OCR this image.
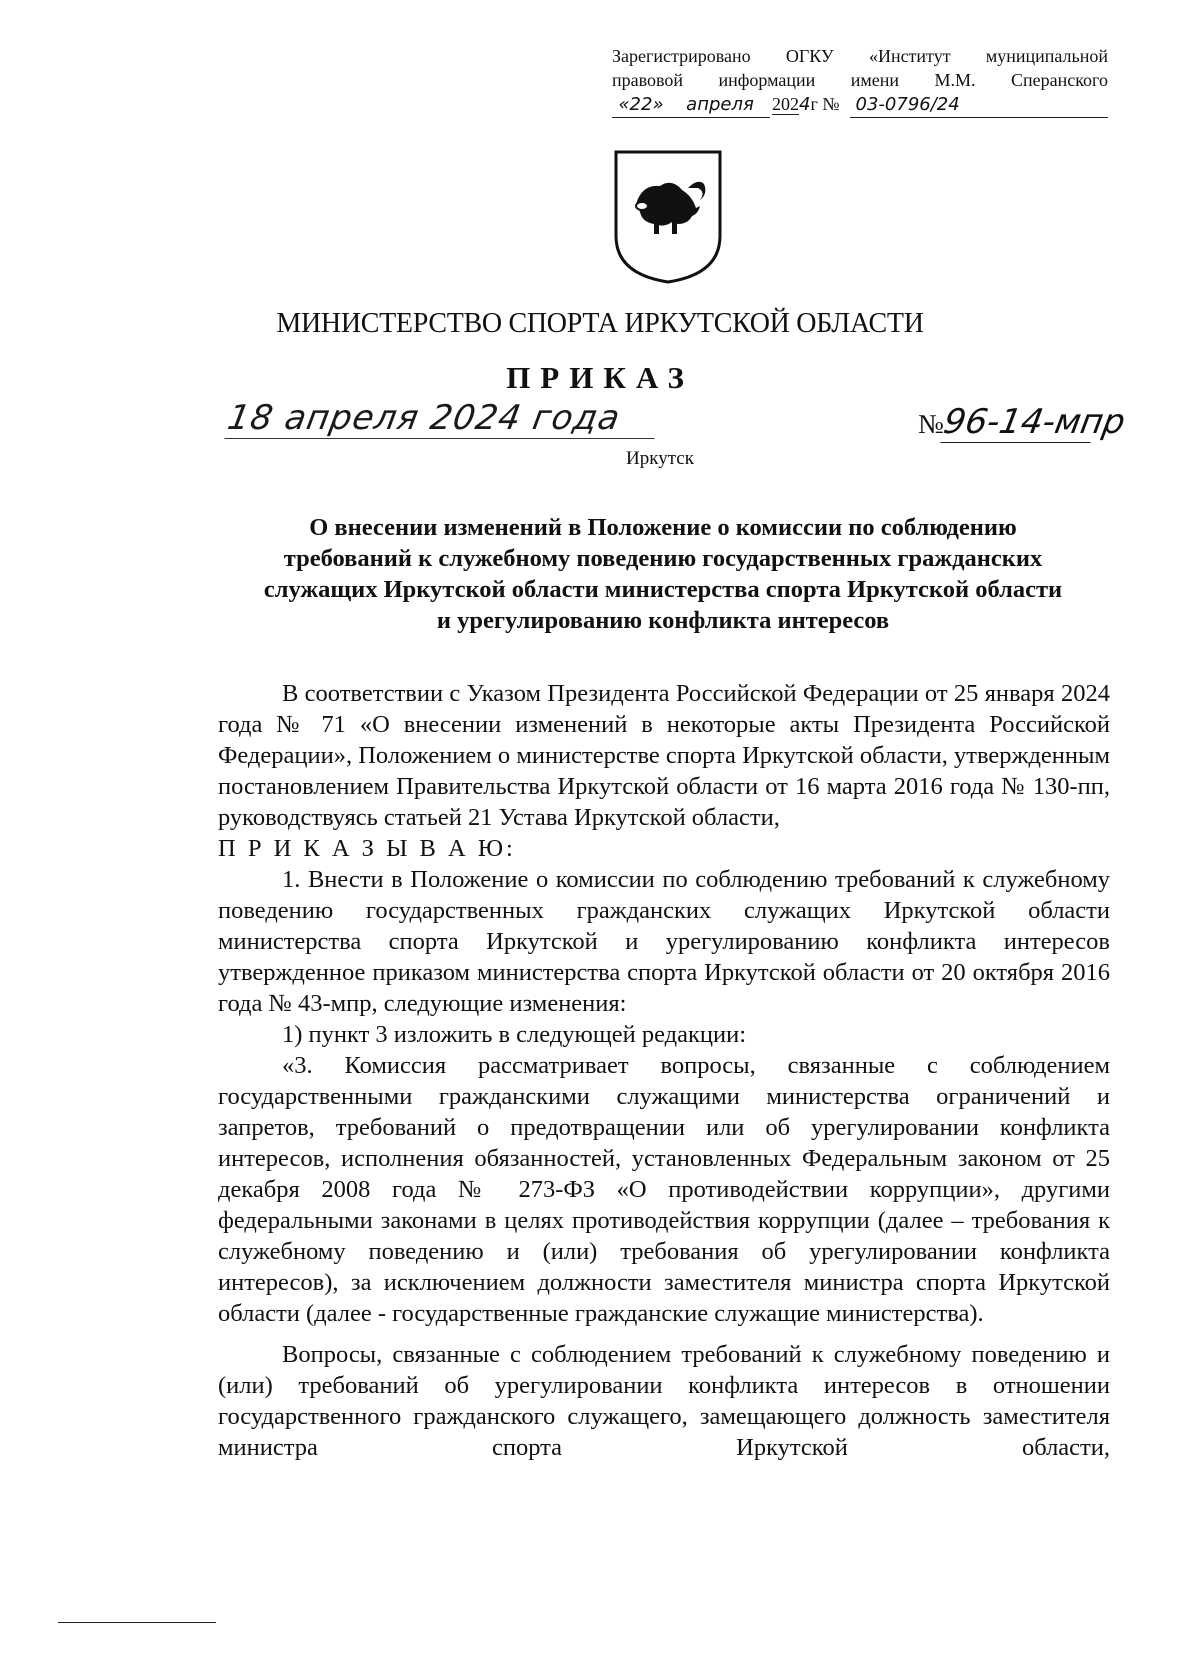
Зарегистрировано ОГКУ «Институт муниципальной
правовой информации имени М.М. Сперанского
«22»	апреля	2024г № 03-0796/24
МИНИСТЕРСТВО СПОРТА ИРКУТСКОЙ ОБЛАСТИ
ПРИКАЗ
18 апреля 2024 года	№96-14-мпр
Иркутск
О внесении изменений в Положение о комиссии по соблюдению
требований к служебному поведению государственных гражданских
служащих Иркутской области министерства спорта Иркутской области
и урегулированию конфликта интересов

В соответствии с Указом Президента Российской Федерации от 25 января 2024 года № 71 «О внесении изменений в некоторые акты Президента Российской Федерации», Положением о министерстве спорта Иркутской области, утвержденным постановлением Правительства Иркутской области от 16 марта 2016 года № 130-пп, руководствуясь статьей 21 Устава Иркутской области,

П Р И К А З Ы В А Ю:

1. Внести в Положение о комиссии по соблюдению требований к служебному поведению государственных гражданских служащих Иркутской области министерства спорта Иркутской и урегулированию конфликта интересов утвержденное приказом министерства спорта Иркутской области от 20 октября 2016 года № 43-мпр, следующие изменения:

1) пункт 3 изложить в следующей редакции:

«3. Комиссия рассматривает вопросы, связанные с соблюдением государственными гражданскими служащими министерства ограничений и запретов, требований о предотвращении или об урегулировании конфликта интересов, исполнения обязанностей, установленных Федеральным законом от 25 декабря 2008 года № 273-ФЗ «О противодействии коррупции», другими федеральными законами в целях противодействия коррупции (далее – требования к служебному поведению и (или) требования об урегулировании конфликта интересов), за исключением должности заместителя министра спорта Иркутской области (далее - государственные гражданские служащие министерства).

Вопросы, связанные с соблюдением требований к служебному поведению и (или) требований об урегулировании конфликта интересов в отношении государственного гражданского служащего, замещающего должность заместителя министра спорта Иркутской области,
